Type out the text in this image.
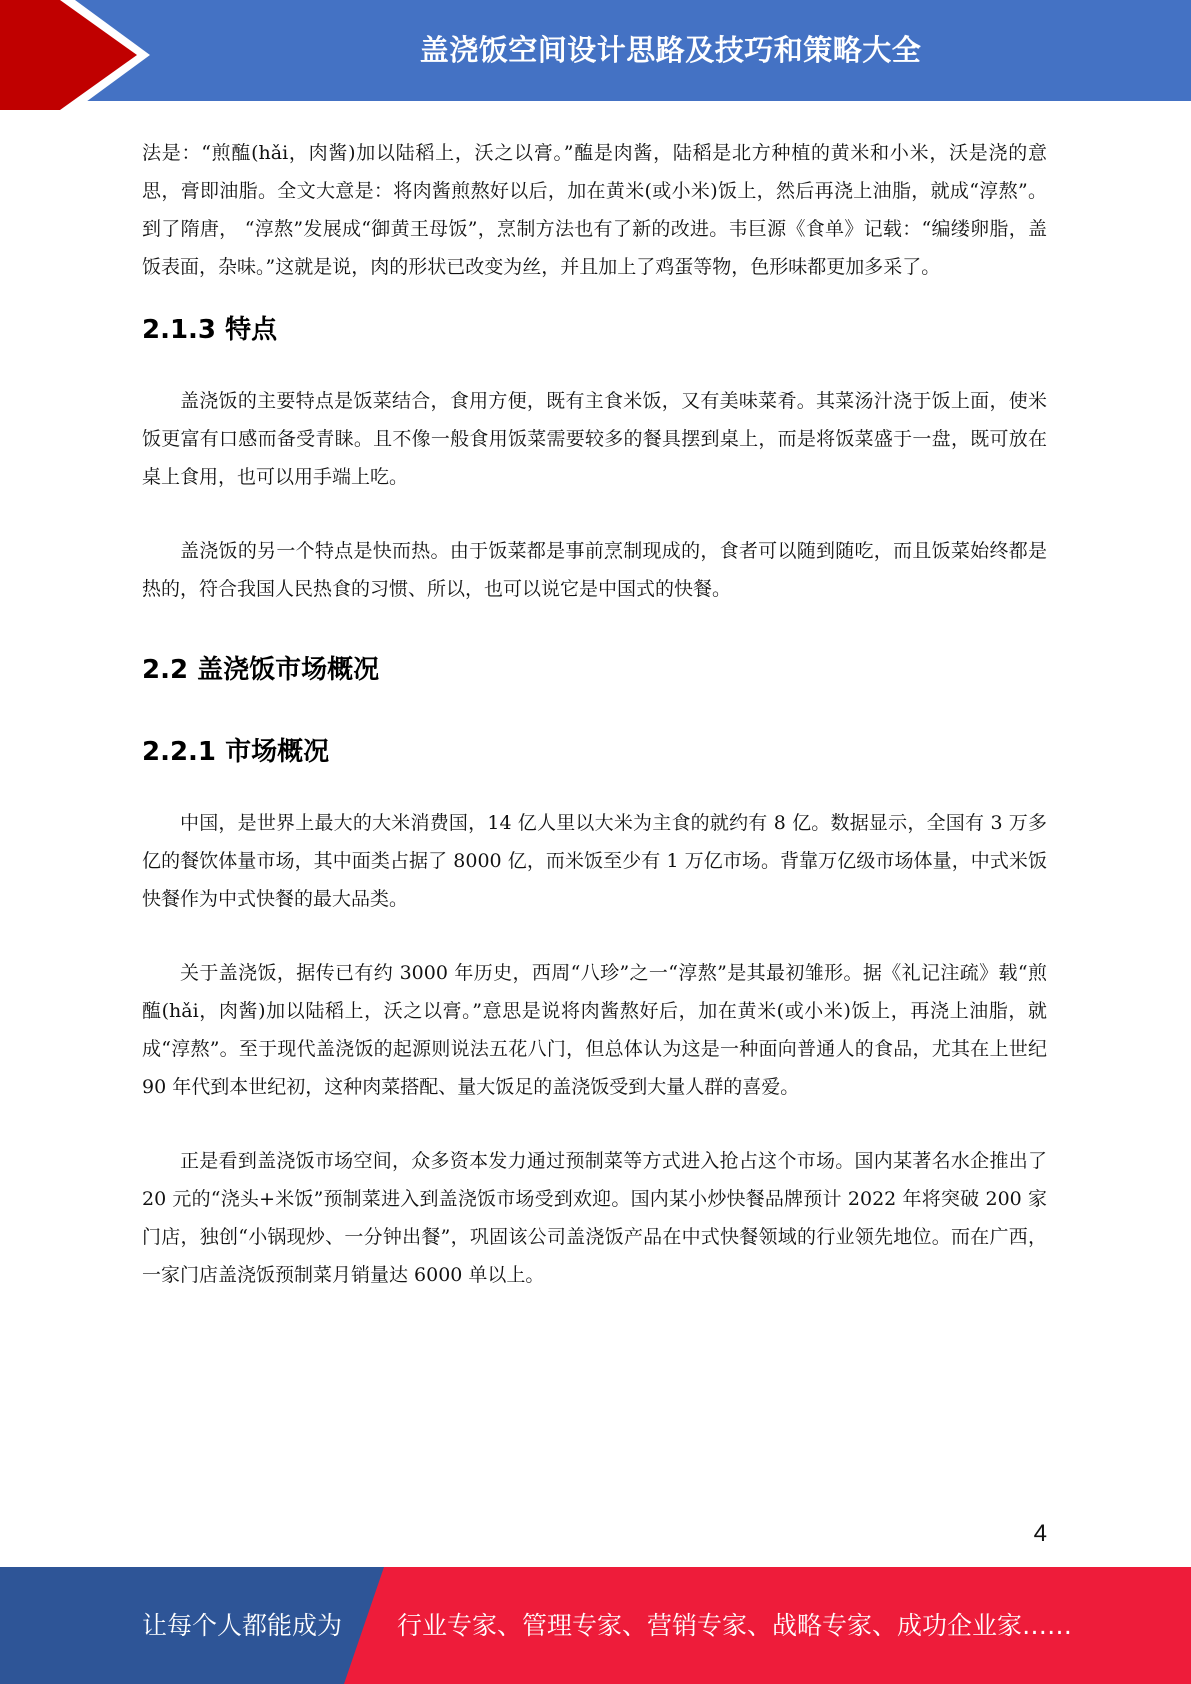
盖浇饭空间设计思路及技巧和策略大全

法是：“煎醢(hǎi，肉酱)加以陆稻上，沃之以膏。”醢是肉酱，陆稻是北方种植的黄米和小米，沃是浇的意思，膏即油脂。全文大意是：将肉酱煎熬好以后，加在黄米(或小米)饭上，然后再浇上油脂，就成“淳熬”。到了隋唐， “淳熬”发展成“御黄王母饭”，烹制方法也有了新的改进。韦巨源《食单》记载：“编缕卵脂，盖饭表面，杂味。”这就是说，肉的形状已改变为丝，并且加上了鸡蛋等物，色形味都更加多采了。

2.1.3 特点

盖浇饭的主要特点是饭菜结合，食用方便，既有主食米饭，又有美味菜肴。其菜汤汁浇于饭上面，使米饭更富有口感而备受青睐。且不像一般食用饭菜需要较多的餐具摆到桌上，而是将饭菜盛于一盘，既可放在桌上食用，也可以用手端上吃。

盖浇饭的另一个特点是快而热。由于饭菜都是事前烹制现成的，食者可以随到随吃，而且饭菜始终都是热的，符合我国人民热食的习惯、所以，也可以说它是中国式的快餐。

2.2 盖浇饭市场概况
2.2.1 市场概况

中国，是世界上最大的大米消费国，14 亿人里以大米为主食的就约有 8 亿。数据显示，全国有 3 万多亿的餐饮体量市场，其中面类占据了 8000 亿，而米饭至少有 1 万亿市场。背靠万亿级市场体量，中式米饭快餐作为中式快餐的最大品类。

关于盖浇饭，据传已有约 3000 年历史，西周“八珍”之一“淳熬”是其最初雏形。据《礼记注疏》载“煎醢(hǎi，肉酱)加以陆稻上，沃之以膏。”意思是说将肉酱熬好后，加在黄米(或小米)饭上，再浇上油脂，就成“淳熬”。至于现代盖浇饭的起源则说法五花八门，但总体认为这是一种面向普通人的食品，尤其在上世纪 90 年代到本世纪初，这种肉菜搭配、量大饭足的盖浇饭受到大量人群的喜爱。

正是看到盖浇饭市场空间，众多资本发力通过预制菜等方式进入抢占这个市场。国内某著名水企推出了 20 元的“浇头+米饭”预制菜进入到盖浇饭市场受到欢迎。国内某小炒快餐品牌预计 2022 年将突破 200 家门店，独创“小锅现炒、一分钟出餐”，巩固该公司盖浇饭产品在中式快餐领域的行业领先地位。而在广西，一家门店盖浇饭预制菜月销量达 6000 单以上。

4
让每个人都能成为 行业专家、管理专家、营销专家、战略专家、成功企业家……
